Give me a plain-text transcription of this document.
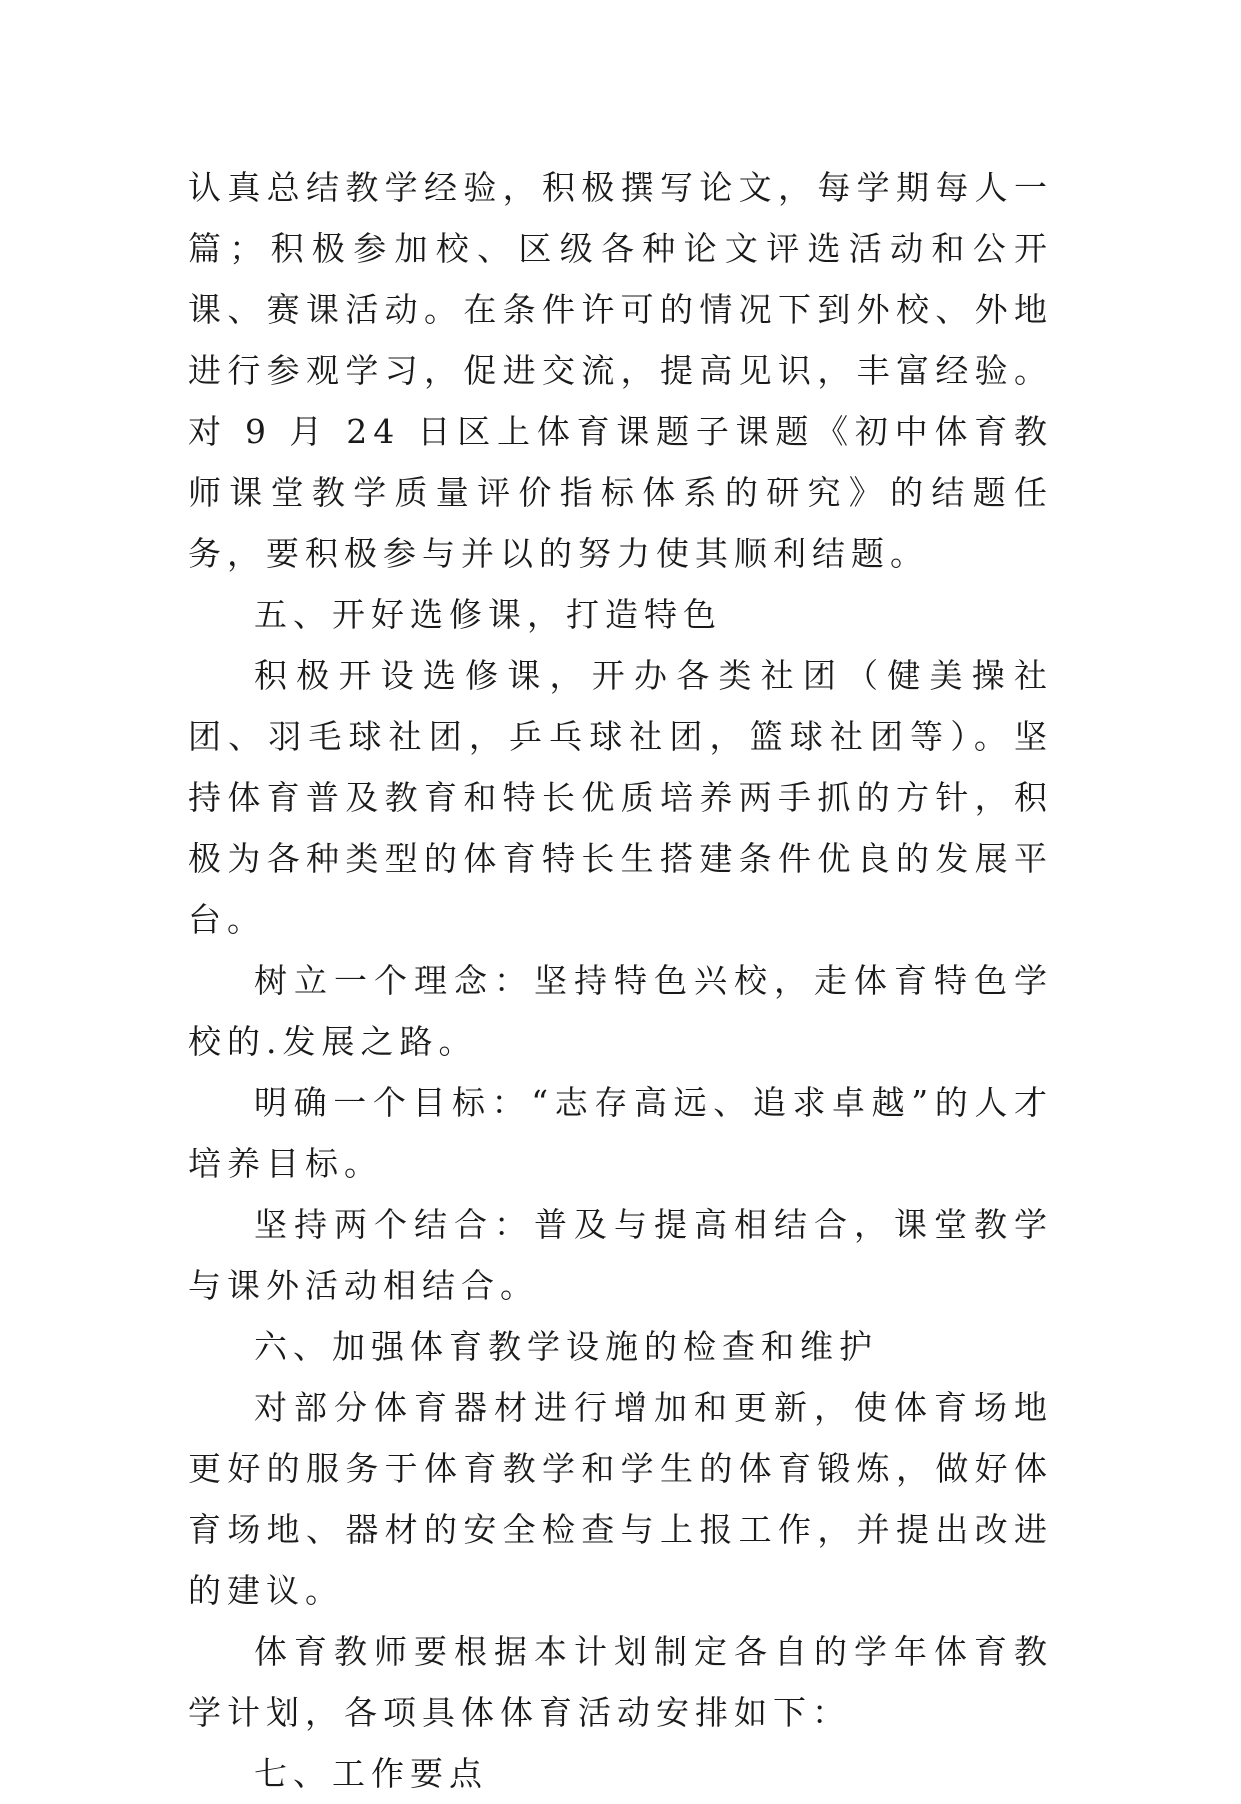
认真总结教学经验，积极撰写论文，每学期每人一篇；积极参加校、区级各种论文评选活动和公开课、赛课活动。在条件许可的情况下到外校、外地进行参观学习，促进交流，提高见识，丰富经验。对 9 月 24 日区上体育课题子课题《初中体育教师课堂教学质量评价指标体系的研究》的结题任务，要积极参与并以的努力使其顺利结题。

五、开好选修课，打造特色

积极开设选修课，开办各类社团（健美操社团、羽毛球社团，乒乓球社团，篮球社团等）。坚持体育普及教育和特长优质培养两手抓的方针，积极为各种类型的体育特长生搭建条件优良的发展平台。

树立一个理念：坚持特色兴校，走体育特色学校的.发展之路。

明确一个目标：“志存高远、追求卓越”的人才培养目标。

坚持两个结合：普及与提高相结合，课堂教学与课外活动相结合。

六、加强体育教学设施的检查和维护

对部分体育器材进行增加和更新，使体育场地更好的服务于体育教学和学生的体育锻炼，做好体育场地、器材的安全检查与上报工作，并提出改进的建议。

体育教师要根据本计划制定各自的学年体育教学计划，各项具体体育活动安排如下：

七、工作要点
